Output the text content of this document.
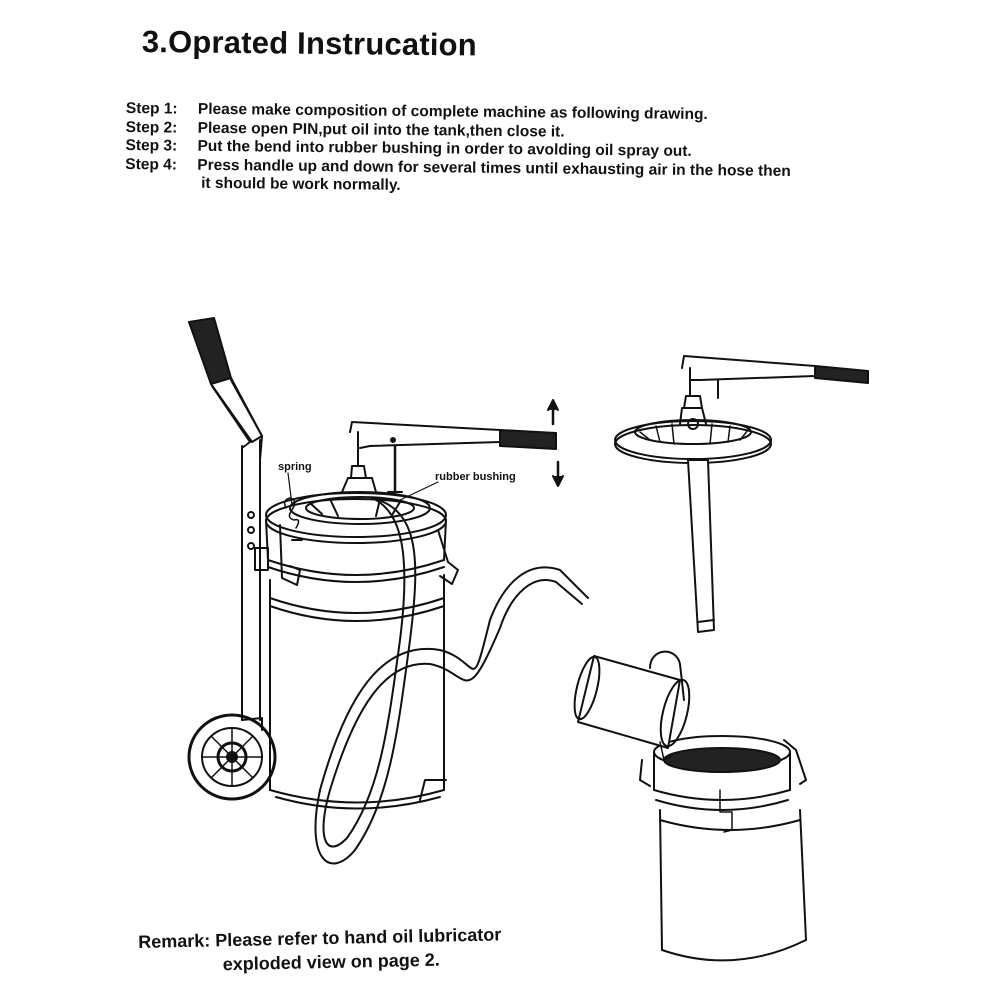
3.Oprated Instrucation
Step 1:	Please make composition of complete machine as following drawing.
Step 2:	Please open PIN,put oil into the tank,then close it.
Step 3:	Put the bend into rubber bushing in order to avolding oil spray out.
Step 4:	Press handle up and down for several times until exhausting air in the hose then
it should be work normally.
spring
rubber bushing
Remark: Please refer to hand oil lubricator
exploded view on page 2.
